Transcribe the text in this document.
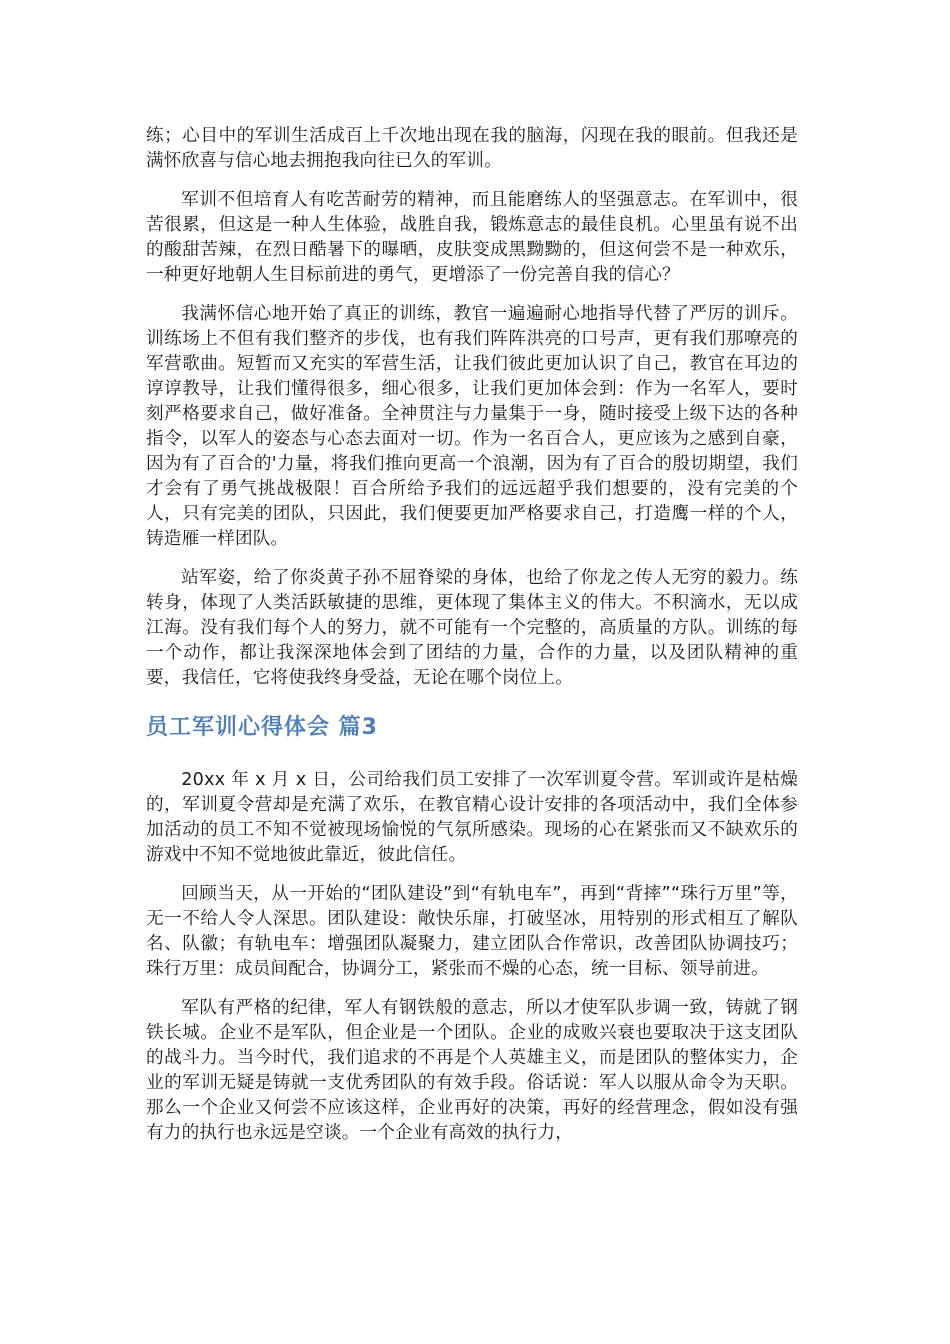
练；心目中的军训生活成百上千次地出现在我的脑海，闪现在我的眼前。但我还是满怀欣喜与信心地去拥抱我向往已久的军训。

军训不但培育人有吃苦耐劳的精神，而且能磨练人的坚强意志。在军训中，很苦很累，但这是一种人生体验，战胜自我，锻炼意志的最佳良机。心里虽有说不出的酸甜苦辣，在烈日酷暑下的曝晒，皮肤变成黑黝黝的，但这何尝不是一种欢乐，一种更好地朝人生目标前进的勇气，更增添了一份完善自我的信心？

我满怀信心地开始了真正的训练，教官一遍遍耐心地指导代替了严厉的训斥。训练场上不但有我们整齐的步伐，也有我们阵阵洪亮的口号声，更有我们那嘹亮的军营歌曲。短暂而又充实的军营生活，让我们彼此更加认识了自己，教官在耳边的谆谆教导，让我们懂得很多，细心很多，让我们更加体会到：作为一名军人，要时刻严格要求自己，做好准备。全神贯注与力量集于一身，随时接受上级下达的各种指令，以军人的姿态与心态去面对一切。作为一名百合人，更应该为之感到自豪，因为有了百合的'力量，将我们推向更高一个浪潮，因为有了百合的殷切期望，我们才会有了勇气挑战极限！百合所给予我们的远远超乎我们想要的，没有完美的个人，只有完美的团队，只因此，我们便要更加严格要求自己，打造鹰一样的个人，铸造雁一样团队。

站军姿，给了你炎黄子孙不屈脊梁的身体，也给了你龙之传人无穷的毅力。练转身，体现了人类活跃敏捷的思维，更体现了集体主义的伟大。不积滴水，无以成江海。没有我们每个人的努力，就不可能有一个完整的，高质量的方队。训练的每一个动作，都让我深深地体会到了团结的力量，合作的力量，以及团队精神的重要，我信任，它将使我终身受益，无论在哪个岗位上。

员工军训心得体会 篇3

20xx 年 x 月 x 日，公司给我们员工安排了一次军训夏令营。军训或许是枯燥的，军训夏令营却是充满了欢乐，在教官精心设计安排的各项活动中，我们全体参加活动的员工不知不觉被现场愉悦的气氛所感染。现场的心在紧张而又不缺欢乐的游戏中不知不觉地彼此靠近，彼此信任。

回顾当天，从一开始的“团队建设”到“有轨电车”，再到“背摔”“珠行万里”等，无一不给人令人深思。团队建设：敞快乐扉，打破坚冰，用特别的形式相互了解队名、队徽；有轨电车：增强团队凝聚力，建立团队合作常识，改善团队协调技巧；珠行万里：成员间配合，协调分工，紧张而不燥的心态，统一目标、领导前进。

军队有严格的纪律，军人有钢铁般的意志，所以才使军队步调一致，铸就了钢铁长城。企业不是军队，但企业是一个团队。企业的成败兴衰也要取决于这支团队的战斗力。当今时代，我们追求的不再是个人英雄主义，而是团队的整体实力，企业的军训无疑是铸就一支优秀团队的有效手段。俗话说：军人以服从命令为天职。那么一个企业又何尝不应该这样，企业再好的决策，再好的经营理念，假如没有强有力的执行也永远是空谈。一个企业有高效的执行力，
